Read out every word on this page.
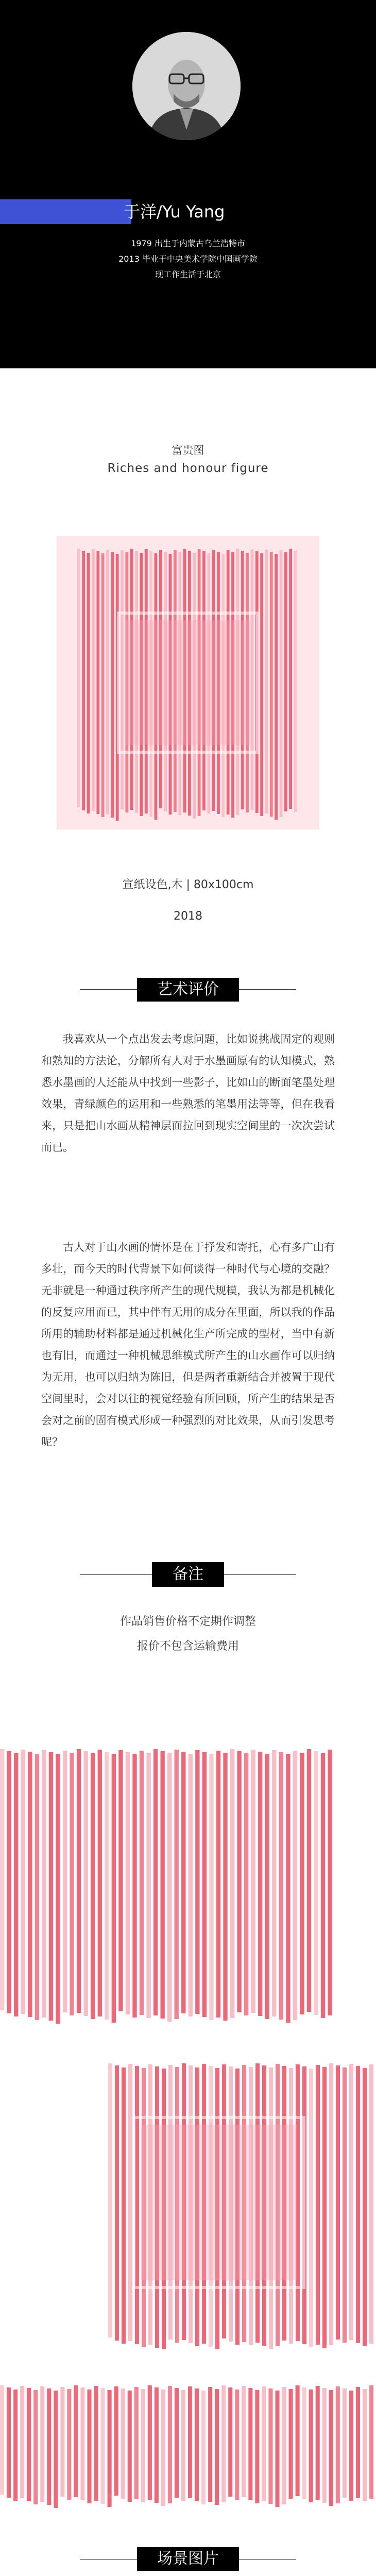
于洋/Yu Yang
1979 出生于内蒙古乌兰浩特市
2013 毕业于中央美术学院中国画学院
现工作生活于北京
富贵图
Riches and honour figure
宣纸设色,木 | 80x100cm
2018
艺术评价
我喜欢从一个点出发去考虑问题，比如说挑战固定的观则和熟知的方法论，分解所有人对于水墨画原有的认知模式，熟悉水墨画的人还能从中找到一些影子，比如山的断面笔墨处理效果，青绿颜色的运用和一些熟悉的笔墨用法等等，但在我看来，只是把山水画从精神层面拉回到现实空间里的一次次尝试而已。
古人对于山水画的情怀是在于抒发和寄托，心有多广山有多壮，而今天的时代背景下如何谈得一种时代与心境的交融？无非就是一种通过秩序所产生的现代规模，我认为都是机械化的反复应用而已，其中伴有无用的成分在里面，所以我的作品所用的辅助材料都是通过机械化生产所完成的型材，当中有新也有旧，而通过一种机械思维模式所产生的山水画作可以归纳为无用，也可以归纳为陈旧，但是两者重新结合并被置于现代空间里时，会对以往的视觉经验有所回顾，所产生的结果是否会对之前的固有模式形成一种强烈的对比效果，从而引发思考呢？
备注
作品销售价格不定期作调整
报价不包含运输费用
场景图片
